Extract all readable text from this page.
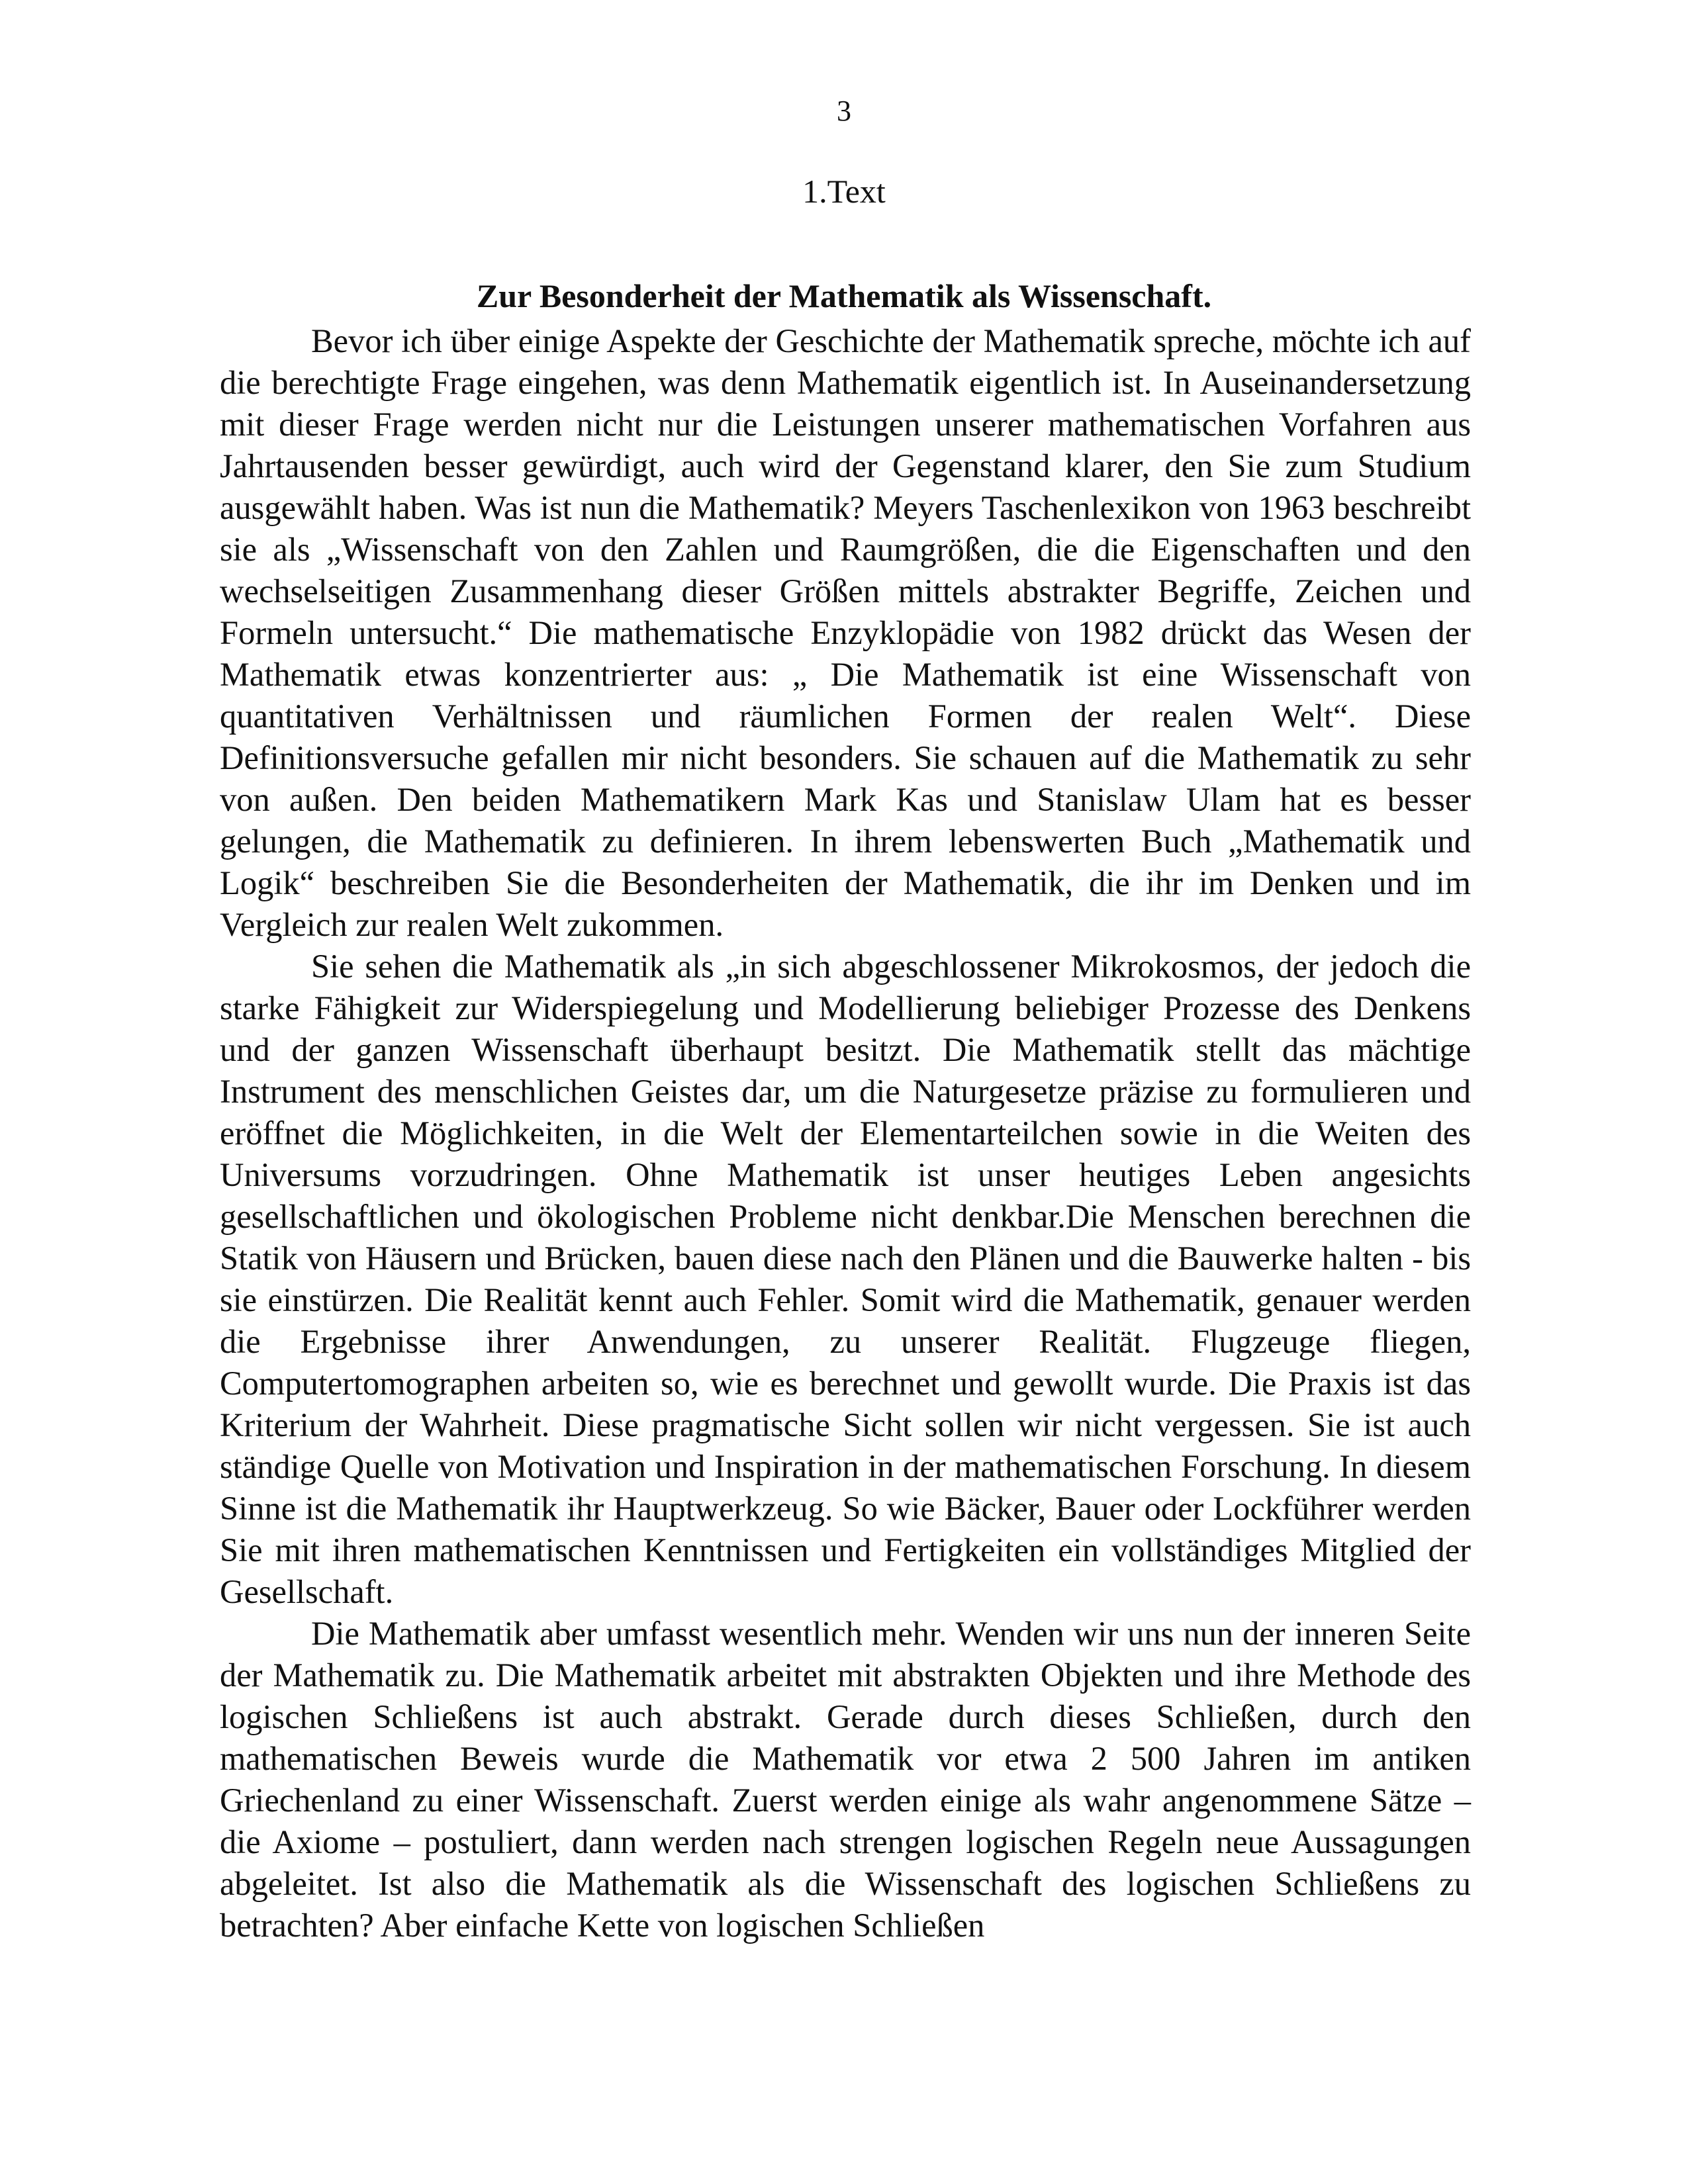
3
1.Text
Zur Besonderheit der Mathematik als Wissenschaft.

Bevor ich über einige Aspekte der Geschichte der Mathematik spreche, möchte ich auf die berechtigte Frage eingehen, was denn Mathematik eigentlich ist. In Auseinandersetzung mit dieser Frage werden nicht nur die Leistungen unserer mathematischen Vorfahren aus Jahrtausenden besser gewürdigt, auch wird der Gegenstand klarer, den Sie zum Studium ausgewählt haben. Was ist nun die Mathematik? Meyers Taschenlexikon von 1963 beschreibt sie als „Wissenschaft von den Zahlen und Raumgrößen, die die Eigenschaften und den wechselseitigen Zusammenhang dieser Größen mittels abstrakter Begriffe, Zeichen und Formeln untersucht.“ Die mathematische Enzyklopädie von 1982 drückt das Wesen der Mathematik etwas konzentrierter aus: „ Die Mathematik ist eine Wissenschaft von quantitativen Verhältnissen und räumlichen Formen der realen Welt“. Diese Definitionsversuche gefallen mir nicht besonders. Sie schauen auf die Mathematik zu sehr von außen. Den beiden Mathematikern Mark Kas und Stanislaw Ulam hat es besser gelungen, die Mathematik zu definieren. In ihrem lebenswerten Buch „Mathematik und Logik“ beschreiben Sie die Besonderheiten der Mathematik, die ihr im Denken und im Vergleich zur realen Welt zukommen.

Sie sehen die Mathematik als „in sich abgeschlossener Mikrokosmos, der jedoch die starke Fähigkeit zur Widerspiegelung und Modellierung beliebiger Prozesse des Denkens und der ganzen Wissenschaft überhaupt besitzt. Die Mathematik stellt das mächtige Instrument des menschlichen Geistes dar, um die Naturgesetze präzise zu formulieren und eröffnet die Möglichkeiten, in die Welt der Elementarteilchen sowie in die Weiten des Universums vorzudringen. Ohne Mathematik ist unser heutiges Leben angesichts gesellschaftlichen und ökologischen Probleme nicht denkbar.Die Menschen berechnen die Statik von Häusern und Brücken, bauen diese nach den Plänen und die Bauwerke halten - bis sie einstürzen. Die Realität kennt auch Fehler. Somit wird die Mathematik, genauer werden die Ergebnisse ihrer Anwendungen, zu unserer Realität. Flugzeuge fliegen, Computertomographen arbeiten so, wie es berechnet und gewollt wurde. Die Praxis ist das Kriterium der Wahrheit. Diese pragmatische Sicht sollen wir nicht vergessen. Sie ist auch ständige Quelle von Motivation und Inspiration in der mathematischen Forschung. In diesem Sinne ist die Mathematik ihr Hauptwerkzeug. So wie Bäcker, Bauer oder Lockführer werden Sie mit ihren mathematischen Kenntnissen und Fertigkeiten ein vollständiges Mitglied der Gesellschaft.

Die Mathematik aber umfasst wesentlich mehr. Wenden wir uns nun der inneren Seite der Mathematik zu. Die Mathematik arbeitet mit abstrakten Objekten und ihre Methode des logischen Schließens ist auch abstrakt. Gerade durch dieses Schließen, durch den mathematischen Beweis wurde die Mathematik vor etwa 2 500 Jahren im antiken Griechenland zu einer Wissenschaft. Zuerst werden einige als wahr angenommene Sätze – die Axiome – postuliert, dann werden nach strengen logischen Regeln neue Aussagungen abgeleitet. Ist also die Mathematik als die Wissenschaft des logischen Schließens zu betrachten? Aber einfache Kette von logischen Schließen
